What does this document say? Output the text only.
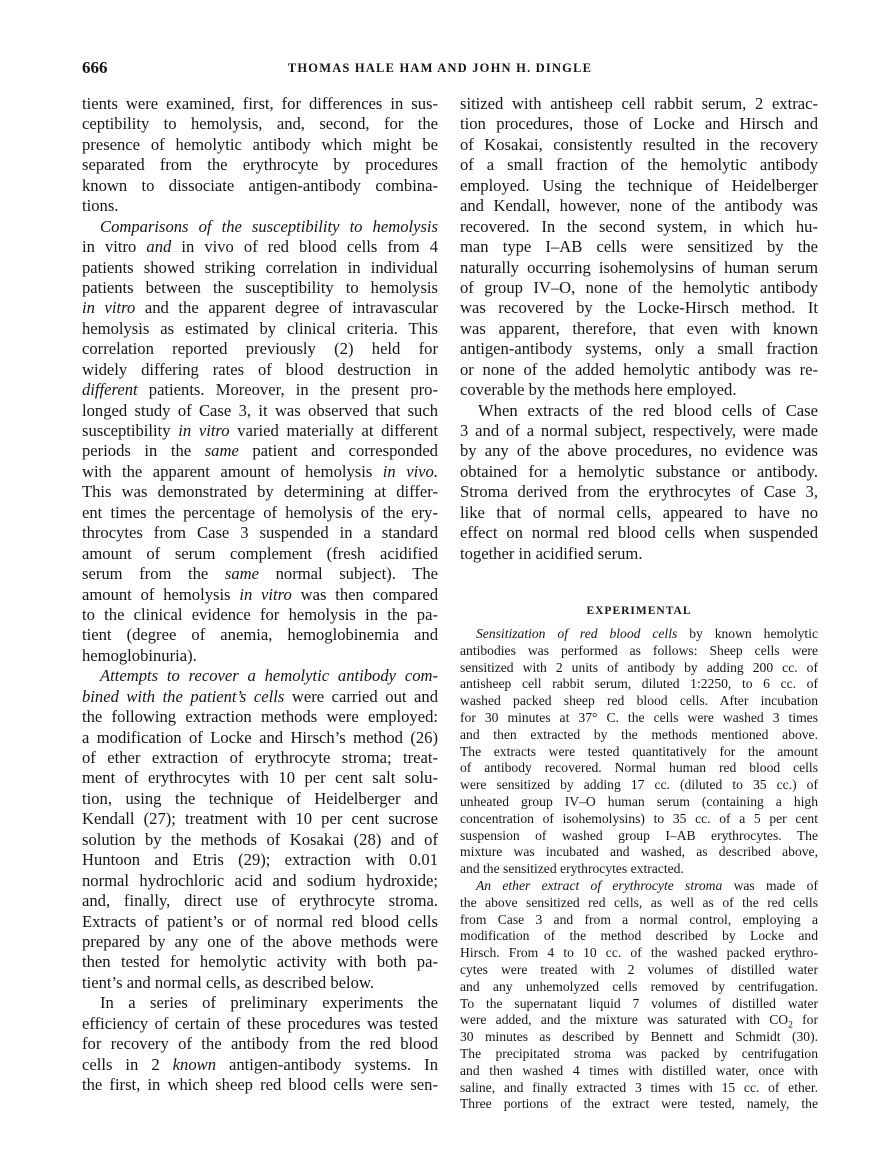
666	THOMAS HALE HAM AND JOHN H. DINGLE
tients were examined, first, for differences in sus-
ceptibility to hemolysis, and, second, for the
presence of hemolytic antibody which might be
separated from the erythrocyte by procedures
known to dissociate antigen-antibody combina-
tions.
Comparisons of the susceptibility to hemolysis
in vitro and in vivo of red blood cells from 4
patients showed striking correlation in individual
patients between the susceptibility to hemolysis
in vitro and the apparent degree of intravascular
hemolysis as estimated by clinical criteria. This
correlation reported previously (2) held for
widely differing rates of blood destruction in
different patients. Moreover, in the present pro-
longed study of Case 3, it was observed that such
susceptibility in vitro varied materially at different
periods in the same patient and corresponded
with the apparent amount of hemolysis in vivo.
This was demonstrated by determining at differ-
ent times the percentage of hemolysis of the ery-
throcytes from Case 3 suspended in a standard
amount of serum complement (fresh acidified
serum from the same normal subject). The
amount of hemolysis in vitro was then compared
to the clinical evidence for hemolysis in the pa-
tient (degree of anemia, hemoglobinemia and
hemoglobinuria).
Attempts to recover a hemolytic antibody com-
bined with the patient’s cells were carried out and
the following extraction methods were employed:
a modification of Locke and Hirsch’s method (26)
of ether extraction of erythrocyte stroma; treat-
ment of erythrocytes with 10 per cent salt solu-
tion, using the technique of Heidelberger and
Kendall (27); treatment with 10 per cent sucrose
solution by the methods of Kosakai (28) and of
Huntoon and Etris (29); extraction with 0.01
normal hydrochloric acid and sodium hydroxide;
and, finally, direct use of erythrocyte stroma.
Extracts of patient’s or of normal red blood cells
prepared by any one of the above methods were
then tested for hemolytic activity with both pa-
tient’s and normal cells, as described below.
In a series of preliminary experiments the
efficiency of certain of these procedures was tested
for recovery of the antibody from the red blood
cells in 2 known antigen-antibody systems. In
the first, in which sheep red blood cells were sen-
sitized with antisheep cell rabbit serum, 2 extrac-
tion procedures, those of Locke and Hirsch and
of Kosakai, consistently resulted in the recovery
of a small fraction of the hemolytic antibody
employed. Using the technique of Heidelberger
and Kendall, however, none of the antibody was
recovered. In the second system, in which hu-
man type I–AB cells were sensitized by the
naturally occurring isohemolysins of human serum
of group IV–O, none of the hemolytic antibody
was recovered by the Locke-Hirsch method. It
was apparent, therefore, that even with known
antigen-antibody systems, only a small fraction
or none of the added hemolytic antibody was re-
coverable by the methods here employed.
When extracts of the red blood cells of Case
3 and of a normal subject, respectively, were made
by any of the above procedures, no evidence was
obtained for a hemolytic substance or antibody.
Stroma derived from the erythrocytes of Case 3,
like that of normal cells, appeared to have no
effect on normal red blood cells when suspended
together in acidified serum.
EXPERIMENTAL
Sensitization of red blood cells by known hemolytic
antibodies was performed as follows: Sheep cells were
sensitized with 2 units of antibody by adding 200 cc. of
antisheep cell rabbit serum, diluted 1:2250, to 6 cc. of
washed packed sheep red blood cells. After incubation
for 30 minutes at 37° C. the cells were washed 3 times
and then extracted by the methods mentioned above.
The extracts were tested quantitatively for the amount
of antibody recovered. Normal human red blood cells
were sensitized by adding 17 cc. (diluted to 35 cc.) of
unheated group IV–O human serum (containing a high
concentration of isohemolysins) to 35 cc. of a 5 per cent
suspension of washed group I–AB erythrocytes. The
mixture was incubated and washed, as described above,
and the sensitized erythrocytes extracted.
An ether extract of erythrocyte stroma was made of
the above sensitized red cells, as well as of the red cells
from Case 3 and from a normal control, employing a
modification of the method described by Locke and
Hirsch. From 4 to 10 cc. of the washed packed erythro-
cytes were treated with 2 volumes of distilled water
and any unhemolyzed cells removed by centrifugation.
To the supernatant liquid 7 volumes of distilled water
were added, and the mixture was saturated with $CO_2$ for
30 minutes as described by Bennett and Schmidt (30).
The precipitated stroma was packed by centrifugation
and then washed 4 times with distilled water, once with
saline, and finally extracted 3 times with 15 cc. of ether.
Three portions of the extract were tested, namely, the
